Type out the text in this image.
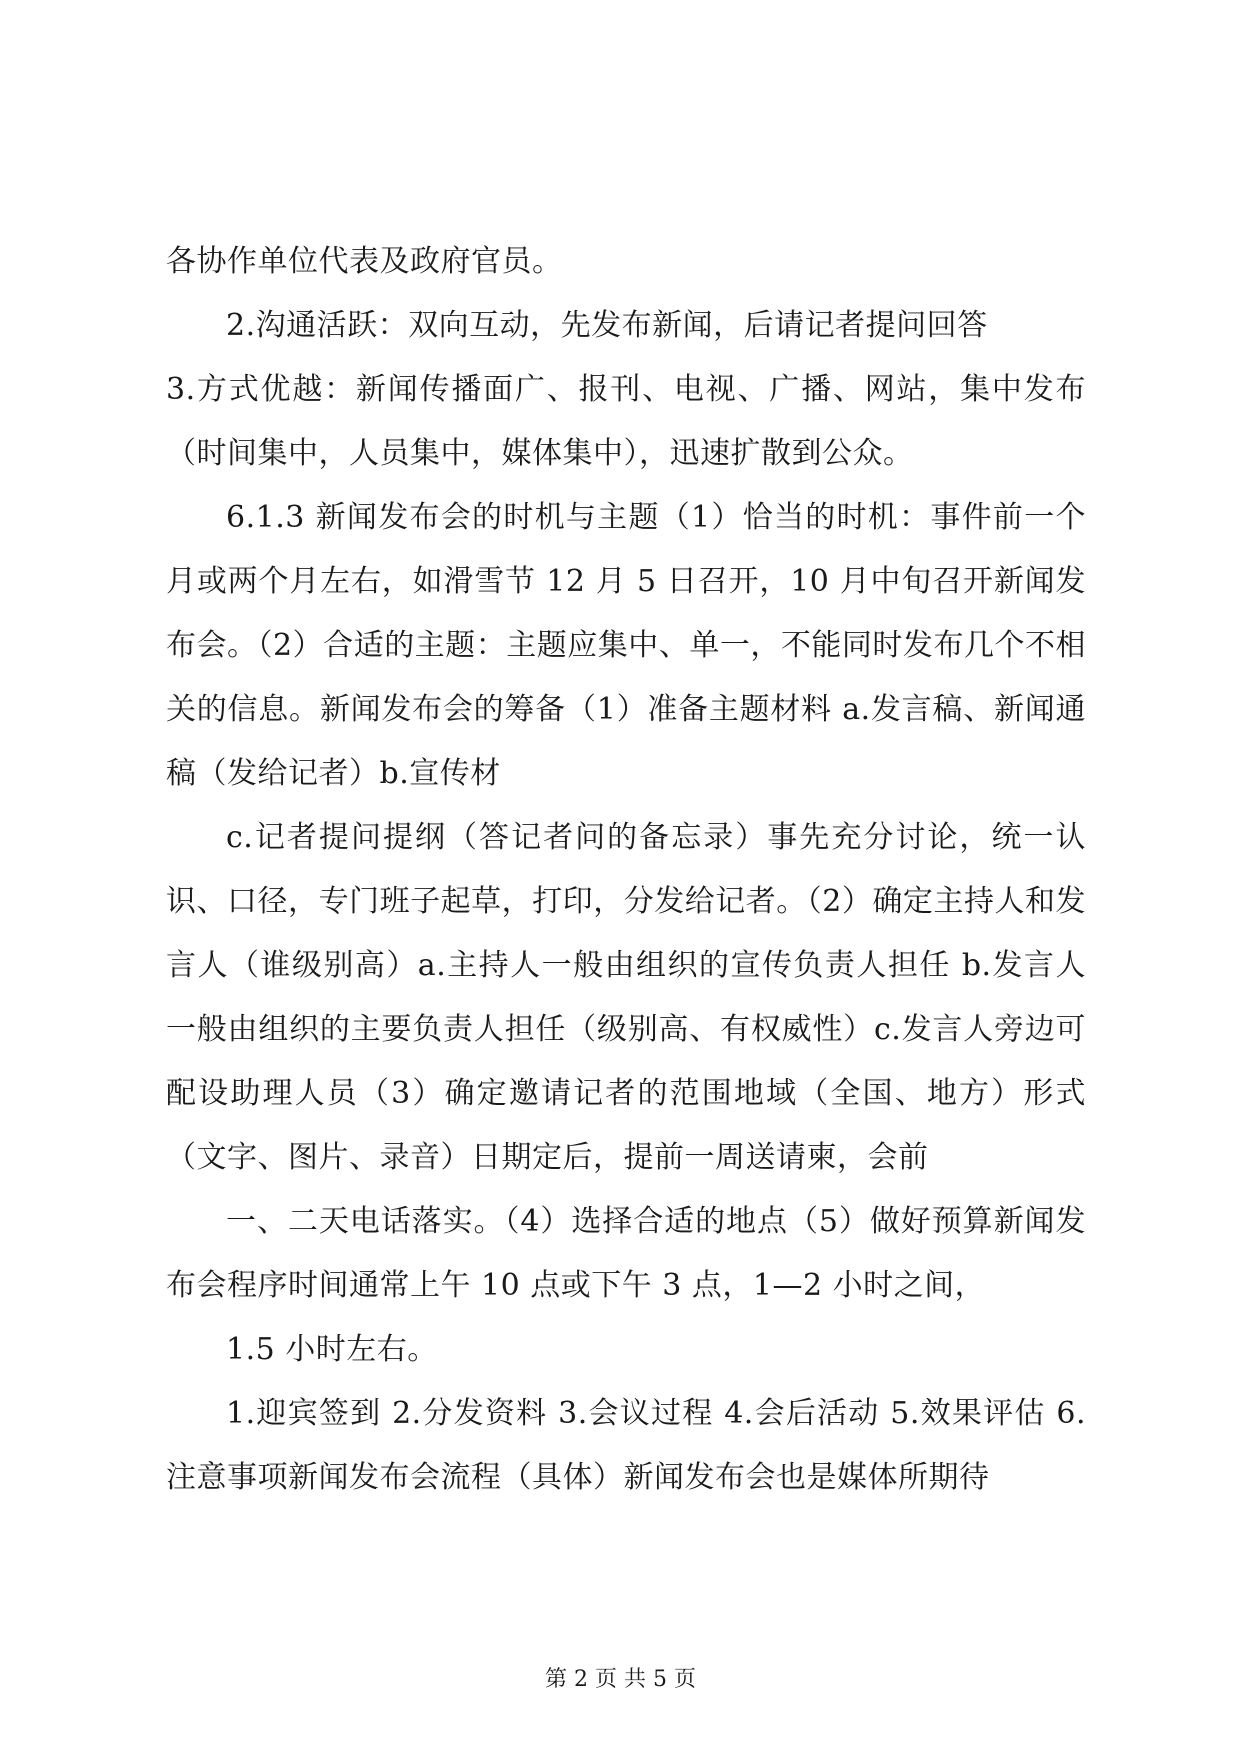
各协作单位代表及政府官员。

2.沟通活跃：双向互动，先发布新闻，后请记者提问回答

3.方式优越：新闻传播面广、报刊、电视、广播、网站，集中发布（时间集中，人员集中，媒体集中），迅速扩散到公众。

6.1.3 新闻发布会的时机与主题（1）恰当的时机：事件前一个月或两个月左右，如滑雪节 12 月 5 日召开，10 月中旬召开新闻发布会。（2）合适的主题：主题应集中、单一，不能同时发布几个不相关的信息。新闻发布会的筹备（1）准备主题材料 a.发言稿、新闻通稿（发给记者）b.宣传材

c.记者提问提纲（答记者问的备忘录）事先充分讨论，统一认识、口径，专门班子起草，打印，分发给记者。（2）确定主持人和发言人（谁级别高）a.主持人一般由组织的宣传负责人担任 b.发言人一般由组织的主要负责人担任（级别高、有权威性）c.发言人旁边可配设助理人员（3）确定邀请记者的范围地域（全国、地方）形式（文字、图片、录音）日期定后，提前一周送请柬，会前

一、二天电话落实。（4）选择合适的地点（5）做好预算新闻发布会程序时间通常上午 10 点或下午 3 点，1—2 小时之间，

1.5 小时左右。

1.迎宾签到 2.分发资料 3.会议过程 4.会后活动 5.效果评估 6.注意事项新闻发布会流程（具体）新闻发布会也是媒体所期待

第 2 页 共 5 页
